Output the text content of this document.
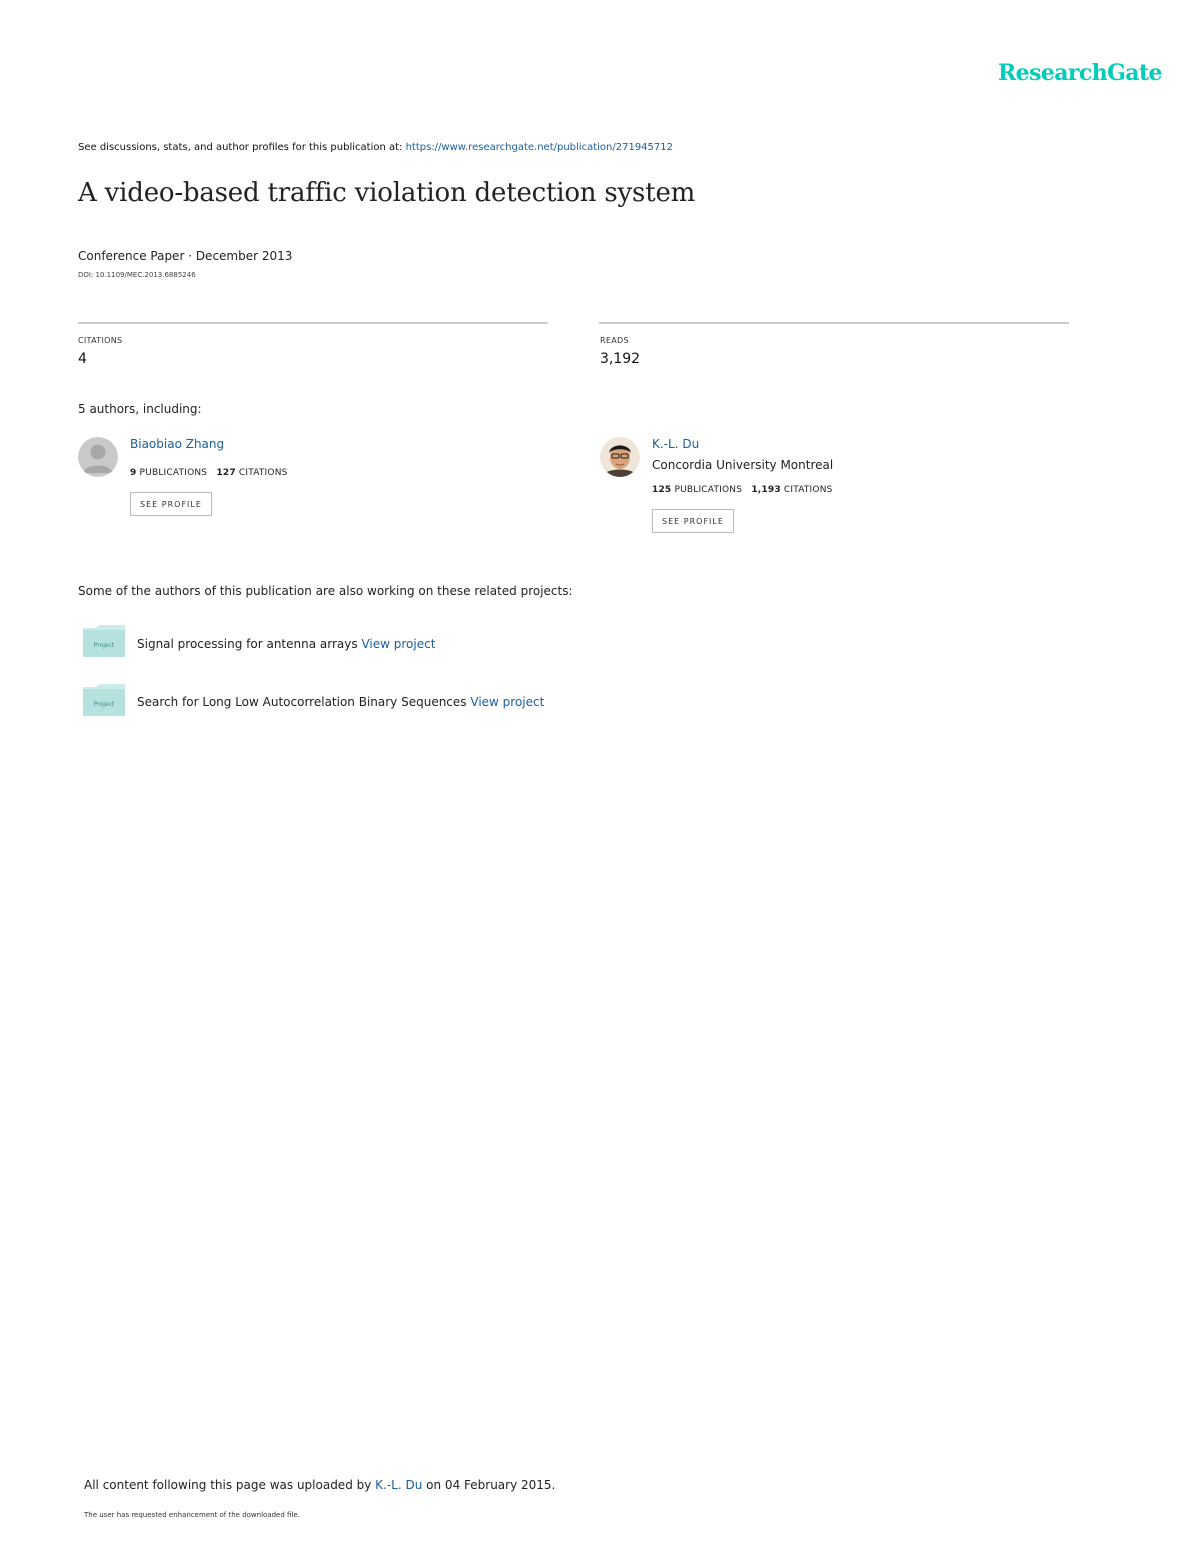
ResearchGate
See discussions, stats, and author profiles for this publication at: https://www.researchgate.net/publication/271945712
A video-based traffic violation detection system
Conference Paper · December 2013
DOI: 10.1109/MEC.2013.6885246
CITATIONS
4
READS
3,192
5 authors, including:
Biaobiao Zhang
9 PUBLICATIONS 127 CITATIONS
SEE PROFILE
K.-L. Du
Concordia University Montreal
125 PUBLICATIONS 1,193 CITATIONS
SEE PROFILE
Some of the authors of this publication are also working on these related projects:
Project Signal processing for antenna arrays View project
Project Search for Long Low Autocorrelation Binary Sequences View project
All content following this page was uploaded by K.-L. Du on 04 February 2015.
The user has requested enhancement of the downloaded file.
